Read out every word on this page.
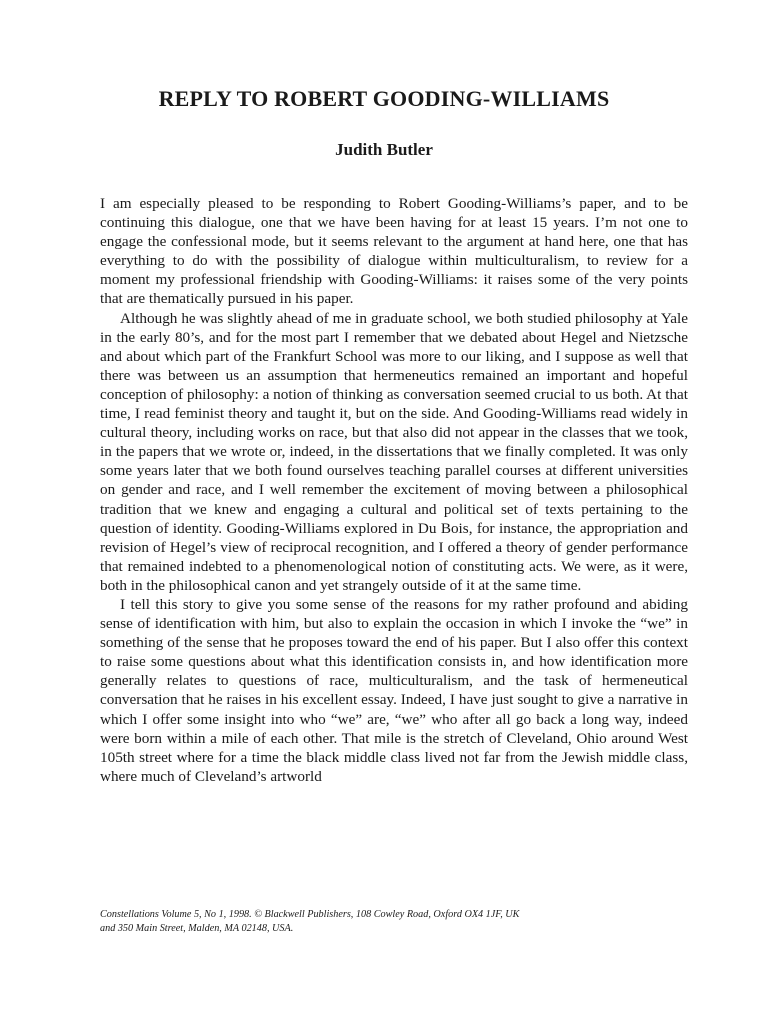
REPLY TO ROBERT GOODING-WILLIAMS
Judith Butler

I am especially pleased to be responding to Robert Gooding-Williams’s paper, and to be continuing this dialogue, one that we have been having for at least 15 years. I’m not one to engage the confessional mode, but it seems relevant to the argument at hand here, one that has everything to do with the possibility of dialogue within multiculturalism, to review for a moment my professional friendship with Gooding-Williams: it raises some of the very points that are thematically pursued in his paper.

Although he was slightly ahead of me in graduate school, we both studied philosophy at Yale in the early 80’s, and for the most part I remember that we debated about Hegel and Nietzsche and about which part of the Frankfurt School was more to our liking, and I suppose as well that there was between us an assumption that hermeneutics remained an important and hopeful conception of philosophy: a notion of thinking as conversation seemed crucial to us both. At that time, I read feminist theory and taught it, but on the side. And Gooding-Williams read widely in cultural theory, including works on race, but that also did not appear in the classes that we took, in the papers that we wrote or, indeed, in the dissertations that we finally completed. It was only some years later that we both found ourselves teaching parallel courses at different universities on gender and race, and I well remember the excitement of moving between a philosophical tradition that we knew and engaging a cultural and political set of texts pertaining to the question of identity. Gooding-Williams explored in Du Bois, for instance, the appropriation and revision of Hegel’s view of reciprocal recognition, and I offered a theory of gender performance that remained indebted to a phenomenological notion of constituting acts. We were, as it were, both in the philosophical canon and yet strangely outside of it at the same time.

I tell this story to give you some sense of the reasons for my rather profound and abiding sense of identification with him, but also to explain the occasion in which I invoke the “we” in something of the sense that he proposes toward the end of his paper. But I also offer this context to raise some questions about what this identification consists in, and how identification more generally relates to questions of race, multiculturalism, and the task of hermeneutical conversation that he raises in his excellent essay. Indeed, I have just sought to give a narrative in which I offer some insight into who “we” are, “we” who after all go back a long way, indeed were born within a mile of each other. That mile is the stretch of Cleveland, Ohio around West 105th street where for a time the black middle class lived not far from the Jewish middle class, where much of Cleveland’s artworld

Constellations Volume 5, No 1, 1998. © Blackwell Publishers, 108 Cowley Road, Oxford OX4 1JF, UK
and 350 Main Street, Malden, MA 02148, USA.
